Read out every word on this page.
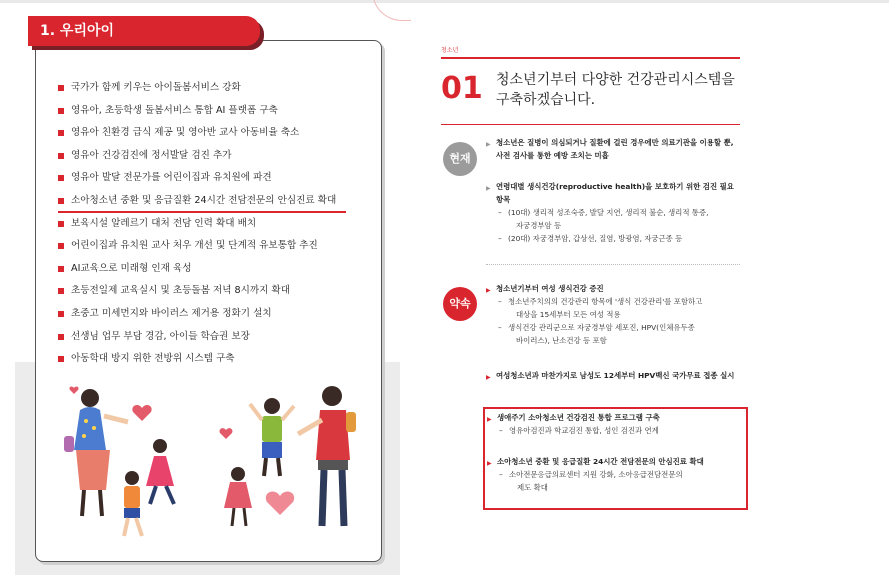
1. 우리아이
국가가 함께 키우는 아이돌봄서비스 강화
영유아, 초등학생 돌봄서비스 통합 AI 플랫폼 구축
영유아 친환경 급식 제공 및 영아반 교사 아동비율 축소
영유아 건강검진에 정서발달 검진 추가
영유아 발달 전문가를 어린이집과 유치원에 파견
소아청소년 중환 및 응급질환 24시간 전담전문의 안심진료 확대
보육시설 알레르기 대처 전담 인력 확대 배치
어린이집과 유치원 교사 처우 개선 및 단계적 유보통합 추진
AI교육으로 미래형 인재 육성
초등전일제 교육실시 및 초등돌봄 저녁 8시까지 확대
초중고 미세먼지와 바이러스 제거용 정화기 설치
선생님 업무 부담 경감, 아이들 학습권 보장
아동학대 방지 위한 전방위 시스템 구축
청소년
01 청소년기부터 다양한 건강관리시스템을 구축하겠습니다.
현재
▶ 청소년은 질병이 의심되거나 질환에 걸린 경우에만 의료기관을 이용할 뿐, 사전 검사를 통한 예방 조치는 미흡
▶ 연령대별 생식건강(reproductive health)을 보호하기 위한 검진 필요항목
– (10대) 생리적 성조숙증, 발달 지연, 생리적 불순, 생리적 통증,
자궁경부암 등
– (20대) 자궁경부암, 갑상선, 질염, 방광염, 자궁근종 등
약속
▶ 청소년기부터 여성 생식건강 증진
– 청소년주치의의 건강관리 항목에 '생식 건강관리'를 포함하고
대상을 15세부터 모든 여성 적용
– 생식건강 관리군으로 자궁경부암 세포진, HPV(인체유두종
바이러스), 난소건강 등 포함
▶ 여성청소년과 마찬가지로 남성도 12세부터 HPV백신 국가무료 접종 실시
▶ 생애주기 소아청소년 건강검진 통합 프로그램 구축
– 영유아검진과 학교검진 통합, 성인 검진과 연계
▶ 소아청소년 중환 및 응급질환 24시간 전담전문의 안심진료 확대
– 소아전문응급의료센터 지원 강화, 소아응급전담전문의
제도 확대
